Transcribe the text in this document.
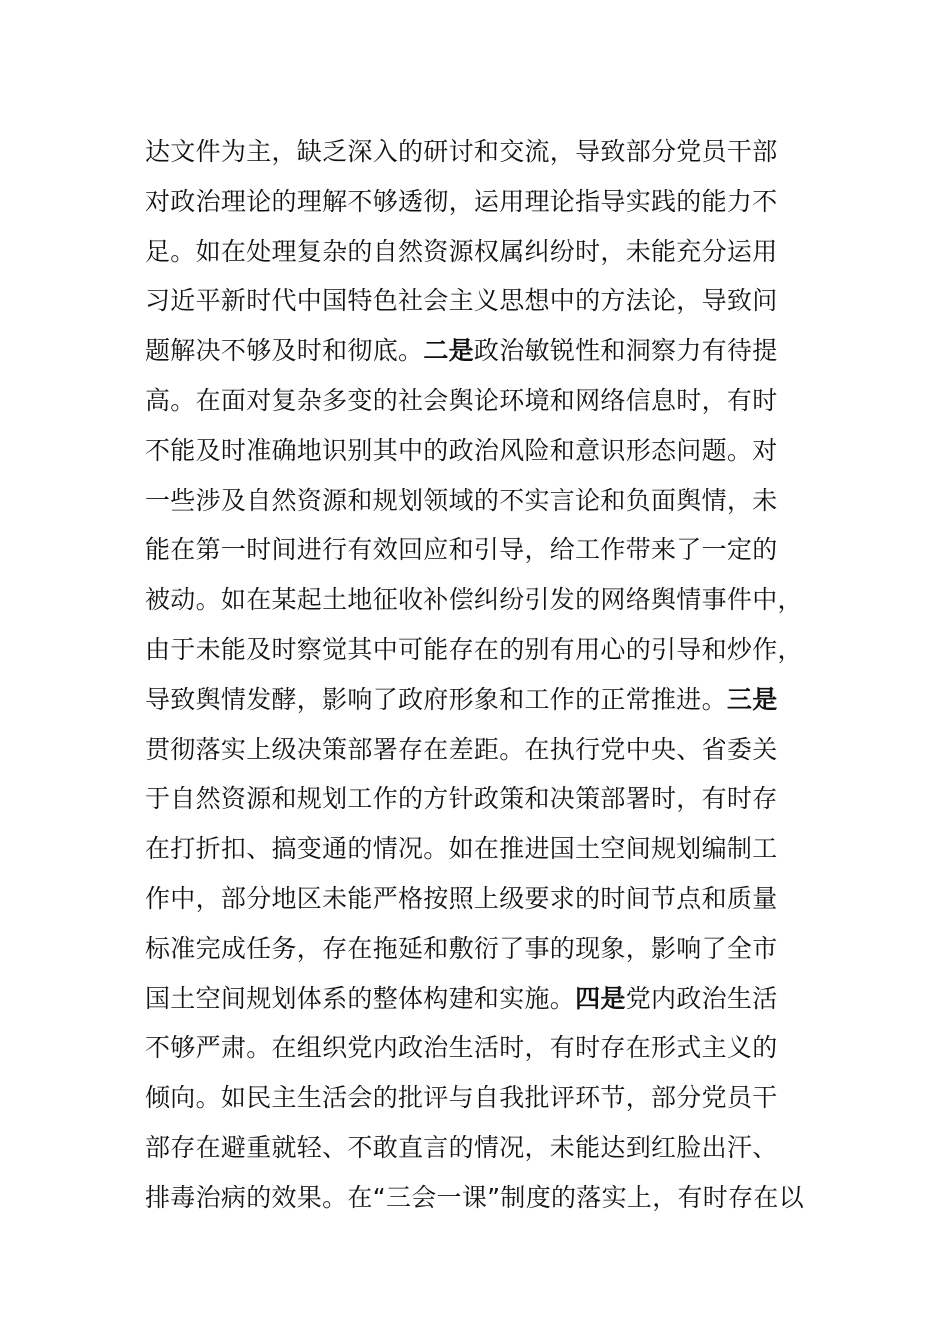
达文件为主，缺乏深入的研讨和交流，导致部分党员干部
对政治理论的理解不够透彻，运用理论指导实践的能力不
足。如在处理复杂的自然资源权属纠纷时，未能充分运用
习近平新时代中国特色社会主义思想中的方法论，导致问
题解决不够及时和彻底。二是政治敏锐性和洞察力有待提
高。在面对复杂多变的社会舆论环境和网络信息时，有时
不能及时准确地识别其中的政治风险和意识形态问题。对
一些涉及自然资源和规划领域的不实言论和负面舆情，未
能在第一时间进行有效回应和引导，给工作带来了一定的
被动。如在某起土地征收补偿纠纷引发的网络舆情事件中，
由于未能及时察觉其中可能存在的别有用心的引导和炒作，
导致舆情发酵，影响了政府形象和工作的正常推进。三是
贯彻落实上级决策部署存在差距。在执行党中央、省委关
于自然资源和规划工作的方针政策和决策部署时，有时存
在打折扣、搞变通的情况。如在推进国土空间规划编制工
作中，部分地区未能严格按照上级要求的时间节点和质量
标准完成任务，存在拖延和敷衍了事的现象，影响了全市
国土空间规划体系的整体构建和实施。四是党内政治生活
不够严肃。在组织党内政治生活时，有时存在形式主义的
倾向。如民主生活会的批评与自我批评环节，部分党员干
部存在避重就轻、不敢直言的情况，未能达到红脸出汗、
排毒治病的效果。在“三会一课”制度的落实上，有时存在以
